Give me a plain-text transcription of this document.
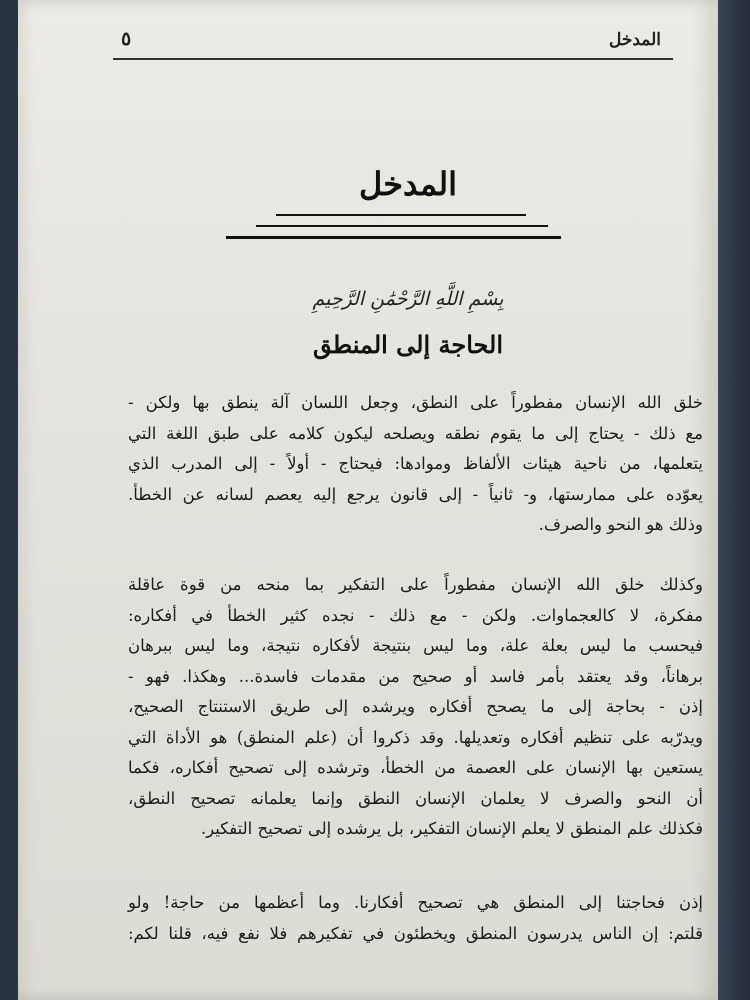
المدخل
٥
المدخل
بِسْمِ اللَّهِ الرَّحْمَٰنِ الرَّحِيمِ
الحاجة إلى المنطق
خلق الله الإنسان مفطوراً على النطق، وجعل اللسان آلة ينطق بها ولكن -
مع ذلك - يحتاج إلى ما يقوم نطقه ويصلحه ليكون كلامه على طبق اللغة التي
يتعلمها، من ناحية هيئات الألفاظ وموادها: فيحتاج - أولاً - إلى المدرب الذي
يعوّده على ممارستها، و- ثانياً - إلى قانون يرجع إليه يعصم لسانه عن الخطأ.
وذلك هو النحو والصرف.
وكذلك خلق الله الإنسان مفطوراً على التفكير بما منحه من قوة عاقلة
مفكرة، لا كالعجماوات. ولكن - مع ذلك - نجده كثير الخطأ في أفكاره:
فيحسب ما ليس بعلة علة، وما ليس بنتيجة لأفكاره نتيجة، وما ليس ببرهان
برهاناً، وقد يعتقد بأمر فاسد أو صحيح من مقدمات فاسدة... وهكذا. فهو -
إذن - بحاجة إلى ما يصحح أفكاره ويرشده إلى طريق الاستنتاج الصحيح،
ويدرّبه على تنظيم أفكاره وتعديلها. وقد ذكروا أن (علم المنطق) هو الأداة التي
يستعين بها الإنسان على العصمة من الخطأ، وترشده إلى تصحيح أفكاره، فكما
أن النحو والصرف لا يعلمان الإنسان النطق وإنما يعلمانه تصحيح النطق،
فكذلك علم المنطق لا يعلم الإنسان التفكير، بل يرشده إلى تصحيح التفكير.
إذن فحاجتنا إلى المنطق هي تصحيح أفكارنا. وما أعظمها من حاجة! ولو
قلتم: إن الناس يدرسون المنطق ويخطئون في تفكيرهم فلا نفع فيه، قلنا لكم:
